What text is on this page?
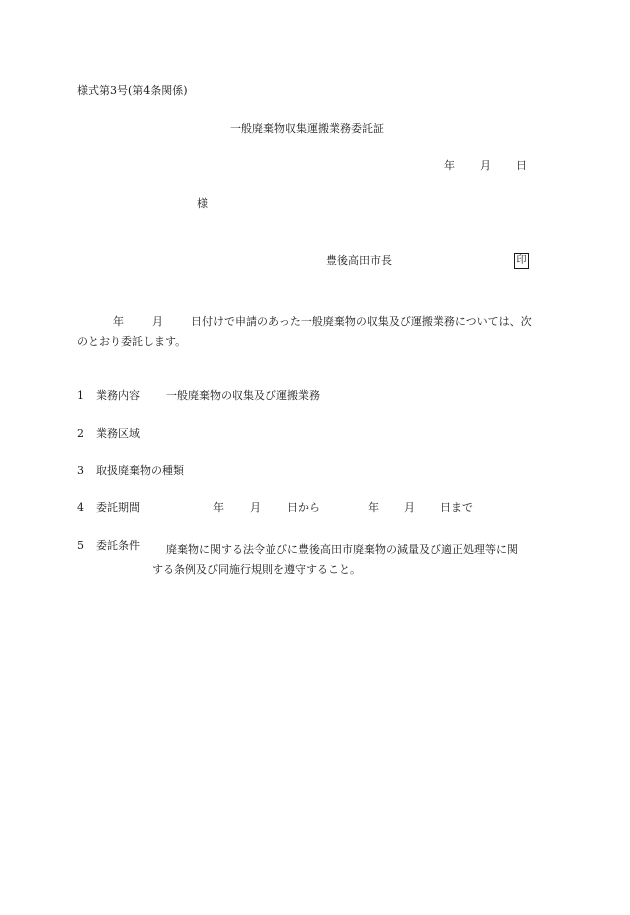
様式第3号(第4条関係)
一般廃棄物収集運搬業務委託証
年 月 日
様
豊後高田市長	印
年	月	日付けで申請のあった一般廃棄物の収集及び運搬業務については、次
のとおり委託します。
1 業務内容 一般廃棄物の収集及び運搬業務
2 業務区域
3 取扱廃棄物の種類
4 委託期間	年 月 日から	年 月 日まで
5 委託条件 廃棄物に関する法令並びに豊後高田市廃棄物の減量及び適正処理等に関
する条例及び同施行規則を遵守すること。
